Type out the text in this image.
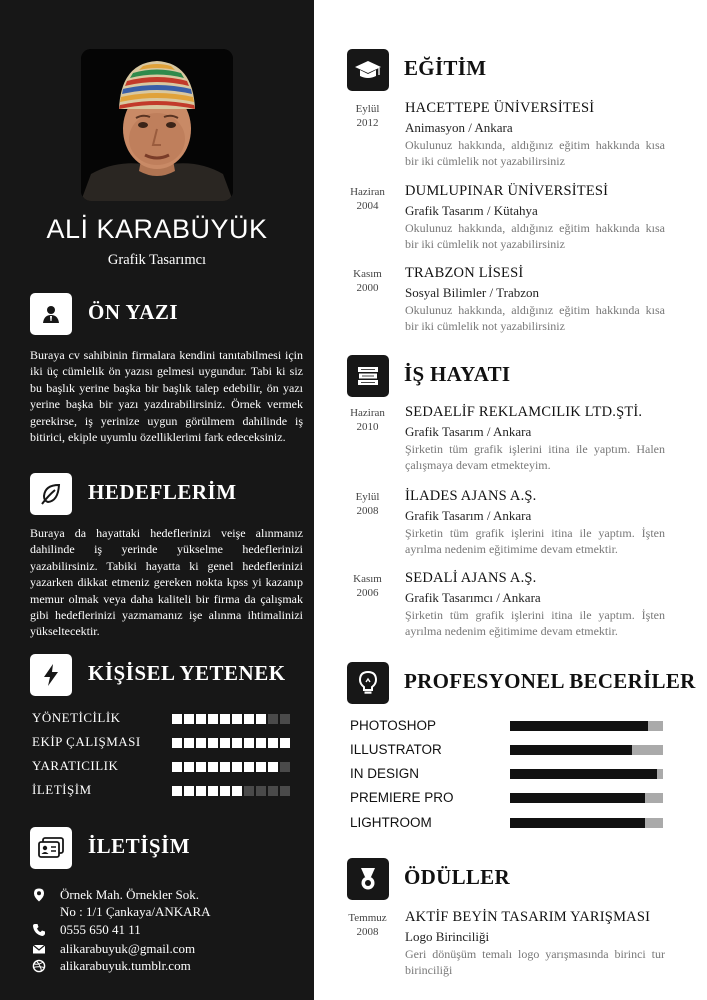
ALİ KARABÜYÜK
Grafik Tasarımcı
ÖN YAZI
Buraya cv sahibinin firmalara kendini tanıtabilmesi için iki üç cümlelik ön yazısı gelmesi uygundur. Tabi ki siz bu başlık yerine başka bir başlık talep edebilir, ön yazı yerine başka bir yazı yazdırabilirsiniz. Örnek vermek gerekirse, iş yerinize uygun görülmem dahilinde iş bitirici, ekiple uyumlu özelliklerimi fark edeceksiniz.
HEDEFLERİM
Buraya da hayattaki hedeflerinizi veişe alınmanız dahilinde iş yerinde yükselme hedeflerinizi yazabilirsiniz. Tabiki hayatta ki genel hedeflerinizi yazarken dikkat etmeniz gereken nokta kpss yi kazanıp memur olmak veya daha kaliteli bir firma da çalışmak gibi hedeflerinizi yazmamanız işe alınma ihtimalinizi yükseltecektir.
KİŞİSEL YETENEK
YÖNETİCİLİK
EKİP ÇALIŞMASI
YARATICILIK
İLETİŞİM
İLETİŞİM
Örnek Mah. Örnekler Sok.
No : 1/1 Çankaya/ANKARA
0555 650 41 11
alikarabuyuk@gmail.com
alikarabuyuk.tumblr.com
EĞİTİM
Eylül
2012
HACETTEPE ÜNİVERSİTESİ
Animasyon / Ankara
Okulunuz hakkında, aldığınız eğitim hakkında kısa bir iki cümlelik not yazabilirsiniz
Haziran
2004
DUMLUPINAR ÜNİVERSİTESİ
Grafik Tasarım / Kütahya
Okulunuz hakkında, aldığınız eğitim hakkında kısa bir iki cümlelik not yazabilirsiniz
Kasım
2000
TRABZON LİSESİ
Sosyal Bilimler / Trabzon
Okulunuz hakkında, aldığınız eğitim hakkında kısa bir iki cümlelik not yazabilirsiniz
İŞ HAYATI
Haziran
2010
SEDAELİF REKLAMCILIK LTD.ŞTİ.
Grafik Tasarım / Ankara
Şirketin tüm grafik işlerini itina ile yaptım. Halen çalışmaya devam etmekteyim.
Eylül
2008
İLADES AJANS A.Ş.
Grafik Tasarım / Ankara
Şirketin tüm grafik işlerini itina ile yaptım. İşten ayrılma nedenim eğitimime devam etmektir.
Kasım
2006
SEDALİ AJANS A.Ş.
Grafik Tasarımcı / Ankara
Şirketin tüm grafik işlerini itina ile yaptım. İşten ayrılma nedenim eğitimime devam etmektir.
PROFESYONEL BECERİLER
PHOTOSHOP
ILLUSTRATOR
IN DESIGN
PREMIERE PRO
LIGHTROOM
ÖDÜLLER
Temmuz
2008
AKTİF BEYİN TASARIM YARIŞMASI
Logo Birinciliği
Geri dönüşüm temalı logo yarışmasında birinci tur birinciliği
